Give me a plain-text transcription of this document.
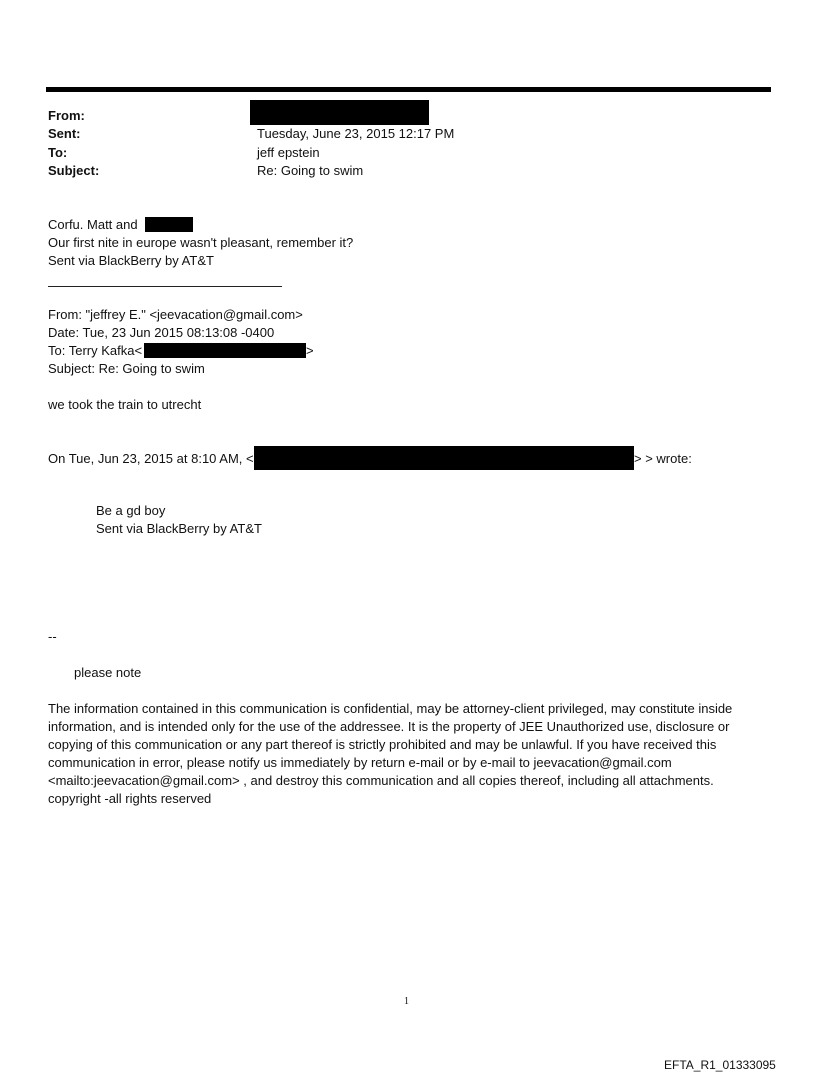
From:
Sent:	Tuesday, June 23, 2015 12:17 PM
To:	jeff epstein
Subject:	Re: Going to swim
Corfu. Matt and
Our first nite in europe wasn't pleasant, remember it?
Sent via BlackBerry by AT&T
From: "jeffrey E." <jeevacation@gmail.com>
Date: Tue, 23 Jun 2015 08:13:08 -0400
To: Terry Kafka<	>
Subject: Re: Going to swim
we took the train to utrecht
On Tue, Jun 23, 2015 at 8:10 AM, <	> > wrote:
Be a gd boy
Sent via BlackBerry by AT&T
--
please note
The information contained in this communication is confidential, may be attorney-client privileged, may constitute inside information, and is intended only for the use of the addressee. It is the property of JEE Unauthorized use, disclosure or copying of this communication or any part thereof is strictly prohibited and may be unlawful. If you have received this communication in error, please notify us immediately by return e-mail or by e-mail to jeevacation@gmail.com <mailto:jeevacation@gmail.com> , and destroy this communication and all copies thereof, including all attachments. copyright -all rights reserved
1
EFTA_R1_01333095
